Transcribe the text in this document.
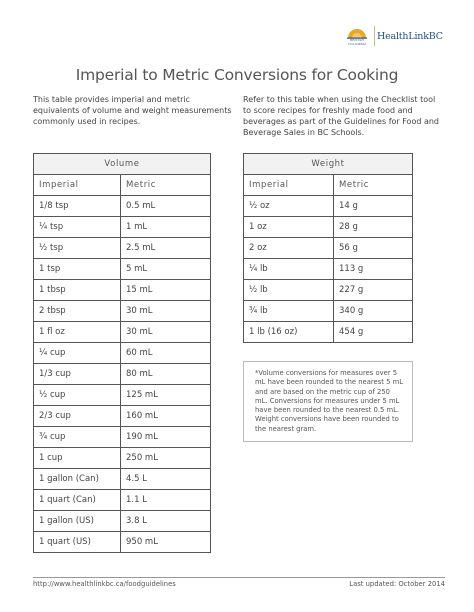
BRITISH COLUMBIA
HealthLinkBC
Imperial to Metric Conversions for Cooking

This table provides imperial and metric equivalents of volume and weight measurements commonly used in recipes.

Refer to this table when using the Checklist tool to score recipes for freshly made food and beverages as part of the Guidelines for Food and Beverage Sales in BC Schools.

Volume	
Imperial	Metric
1/8 tsp	0.5 mL
¼ tsp	1 mL
½ tsp	2.5 mL
1 tsp	5 mL
1 tbsp	15 mL
2 tbsp	30 mL
1 fl oz	30 mL
¼ cup	60 mL
1/3 cup	80 mL
½ cup	125 mL
2/3 cup	160 mL
¾ cup	190 mL
1 cup	250 mL
1 gallon (Can)	4.5 L
1 quart (Can)	1.1 L
1 gallon (US)	3.8 L
1 quart (US)	950 mL
Weight	
Imperial	Metric
½ oz	14 g
1 oz	28 g
2 oz	56 g
¼ lb	113 g
½ lb	227 g
¾ lb	340 g
1 lb (16 oz)	454 g
*Volume conversions for measures over 5 mL have been rounded to the nearest 5 mL and are based on the metric cup of 250 mL. Conversions for measures under 5 mL have been rounded to the nearest 0.5 mL. Weight conversions have been rounded to the nearest gram.
http://www.healthlinkbc.ca/foodguidelines	Last updated: October 2014
